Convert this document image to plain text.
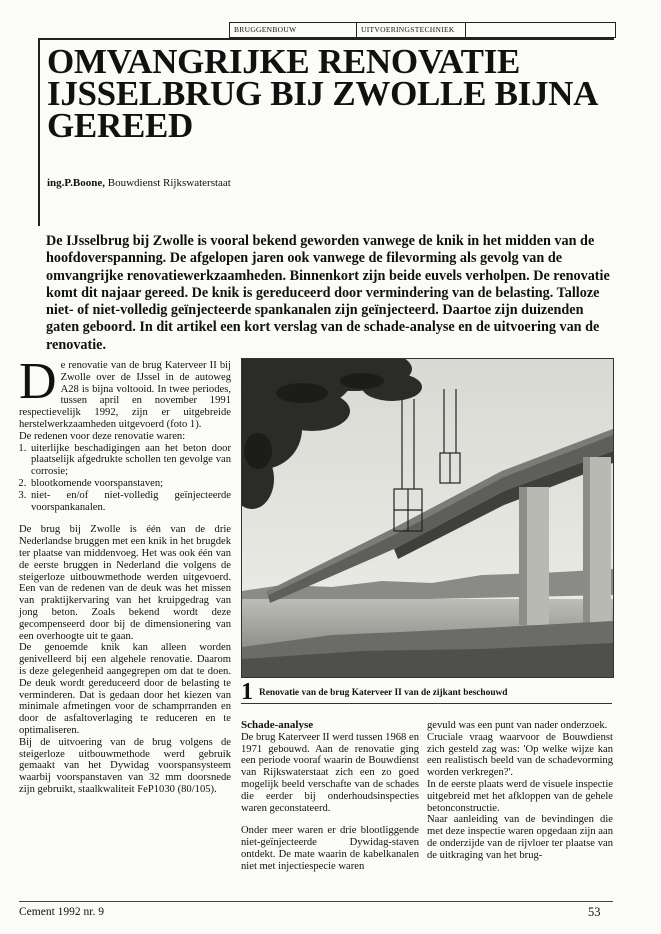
BRUGGENBOUW	UITVOERINGSTECHNIEK
OMVANGRIJKE RENOVATIE
IJSSELBRUG BIJ ZWOLLE BIJNA
GEREED
ing.P.Boone, Bouwdienst Rijkswaterstaat
De IJsselbrug bij Zwolle is vooral bekend geworden vanwege de knik in het midden van de hoofdoverspanning. De afgelopen jaren ook vanwege de filevorming als gevolg van de omvangrijke renovatiewerkzaamheden. Binnenkort zijn beide euvels verholpen. De renovatie komt dit najaar gereed. De knik is gereduceerd door vermindering van de belasting. Talloze niet- of niet-volledig geïnjecteerde spankanalen zijn geïnjecteerd. Daartoe zijn duizenden gaten geboord. In dit artikel een kort verslag van de schade-analyse en de uitvoering van de renovatie.

De renovatie van de brug Katerveer II bij Zwolle over de IJssel in de autoweg A28 is bijna voltooid. In twee periodes, tussen april en november 1991 respectievelijk 1992, zijn er uitgebreide herstelwerkzaamheden uitgevoerd (foto 1).

De redenen voor deze renovatie waren:

1. uiterlijke beschadigingen aan het beton door plaatselijk afgedrukte schollen ten gevolge van corrosie;
2. blootkomende voorspanstaven;
3. niet- en/of niet-volledig geïnjecteerde voorspankanalen.

De brug bij Zwolle is één van de drie Nederlandse bruggen met een knik in het brugdek ter plaatse van middenvoeg. Het was ook één van de eerste bruggen in Nederland die volgens de steigerloze uitbouwmethode werden uitgevoerd. Een van de redenen van de deuk was het missen van praktijkervaring van het kruipgedrag van jong beton. Zoals bekend wordt deze gecompenseerd door bij de dimensionering van een overhoogte uit te gaan.

De genoemde knik kan alleen worden genivelleerd bij een algehele renovatie. Daarom is deze gelegenheid aangegrepen om dat te doen. De deuk wordt gereduceerd door de belasting te verminderen. Dat is gedaan door het kiezen van minimale afmetingen voor de schamprranden en door de asfaltoverlaging te reduceren en te optimaliseren.

Bij de uitvoering van de brug volgens de steigerloze uitbouwmethode werd gebruik gemaakt van het Dywidag voorspansysteem waarbij voorspanstaven van 32 mm doorsnede zijn gebruikt, staalkwaliteit FeP1030 (80/105).

1 Renovatie van de brug Katerveer II van de zijkant beschouwd

Schade-analyse

De brug Katerveer II werd tussen 1968 en 1971 gebouwd. Aan de renovatie ging een periode vooraf waarin de Bouwdienst van Rijkswaterstaat zich een zo goed mogelijk beeld verschafte van de schades die eerder bij onderhoudsinspecties waren geconstateerd.

Onder meer waren er drie blootliggende niet-geïnjecteerde Dywidag-staven ontdekt. De mate waarin de kabelkanalen niet met injectiespecie waren

gevuld was een punt van nader onderzoek.

Cruciale vraag waarvoor de Bouwdienst zich gesteld zag was: 'Op welke wijze kan een realistisch beeld van de schadevorming worden verkregen?'.

In de eerste plaats werd de visuele inspectie uitgebreid met het afkloppen van de gehele betonconstructie.

Naar aanleiding van de bevindingen die met deze inspectie waren opgedaan zijn aan de onderzijde van de rijvloer ter plaatse van de uitkraging van het brug-

Cement 1992 nr. 9	53
